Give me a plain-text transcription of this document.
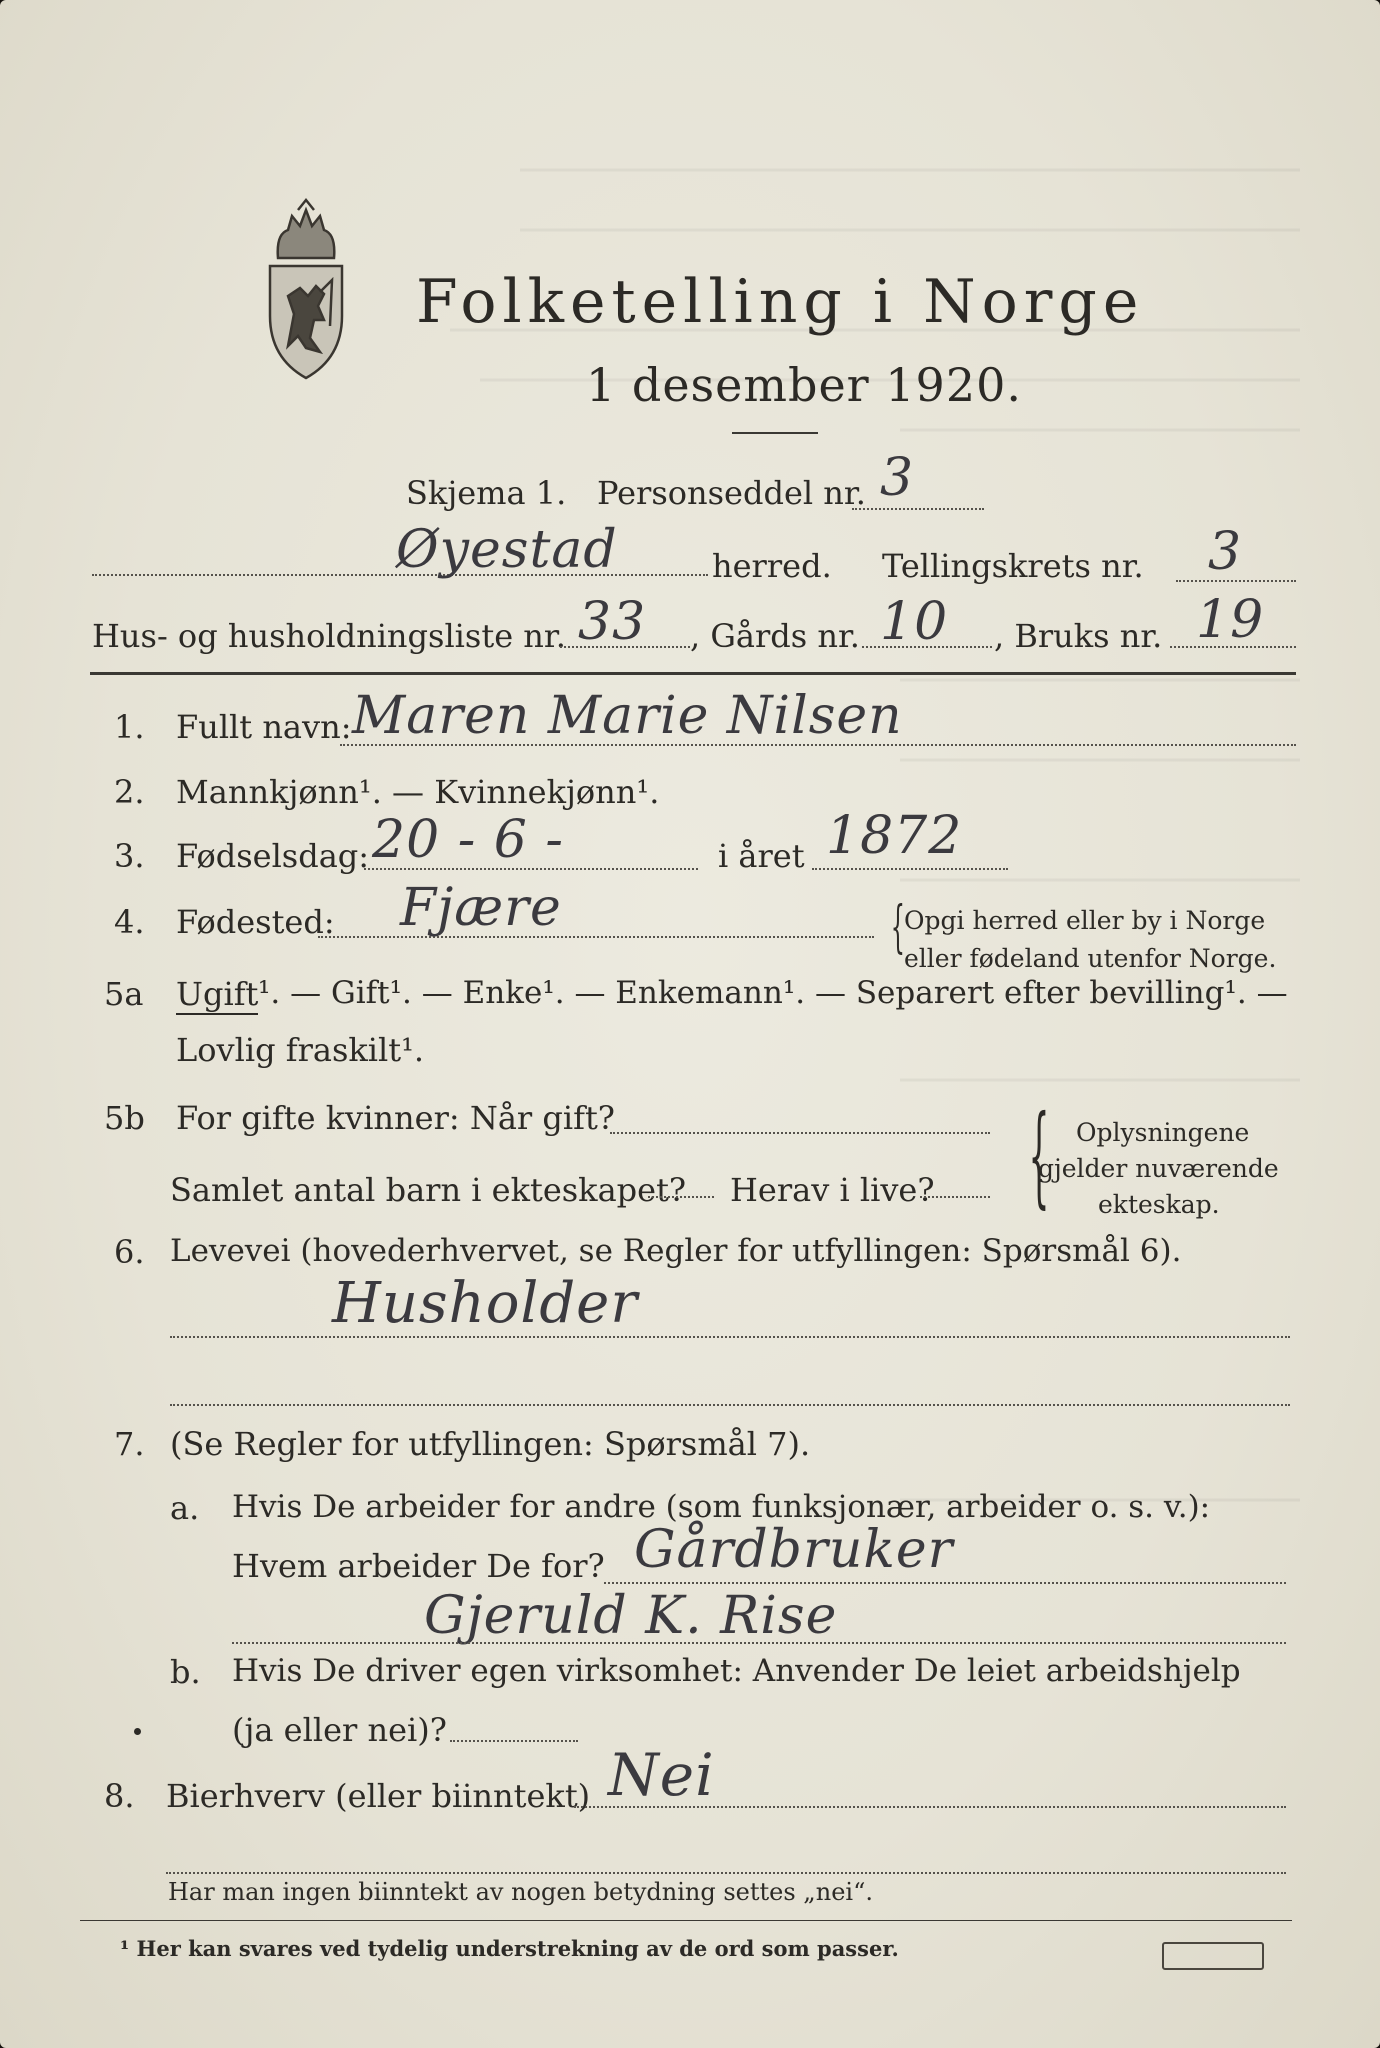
Folketelling i Norge
1 desember 1920.
Skjema 1. Personseddel nr. 3
Øyestad	herred. Tellingskrets nr. 3
Hus- og husholdningsliste nr. 33 , Gårds nr. 10 , Bruks nr. 19
1. Fullt navn: Maren Marie Nilsen
2. Mannkjønn¹. — Kvinnekjønn¹.
3. Fødselsdag: 20 - 6 -	i året 1872
4. Fødested: Fjære	{ Opgi herred eller by i Norge
eller fødeland utenfor Norge.
5a Ugift ¹. — Gift¹. — Enke¹. — Enkemann¹. — Separert efter bevilling¹. —
Lovlig fraskilt¹.
5b For gifte kvinner: Når gift?
Samlet antal barn i ekteskapet? Herav i live? { Oplysningene
gjelder nuværende
ekteskap.
6. Levevei (hovederhvervet, se Regler for utfyllingen: Spørsmål 6).
Husholder
7. (Se Regler for utfyllingen: Spørsmål 7).
a. Hvis De arbeider for andre (som funksjonær, arbeider o. s. v.):
Hvem arbeider De for? Gårdbruker
Gjeruld K. Rise
b. Hvis De driver egen virksomhet: Anvender De leiet arbeidshjelp
(ja eller nei)?
8. Bierhverv (eller biinntekt) Nei
Har man ingen biinntekt av nogen betydning settes „nei“.
¹ Her kan svares ved tydelig understrekning av de ord som passer.
